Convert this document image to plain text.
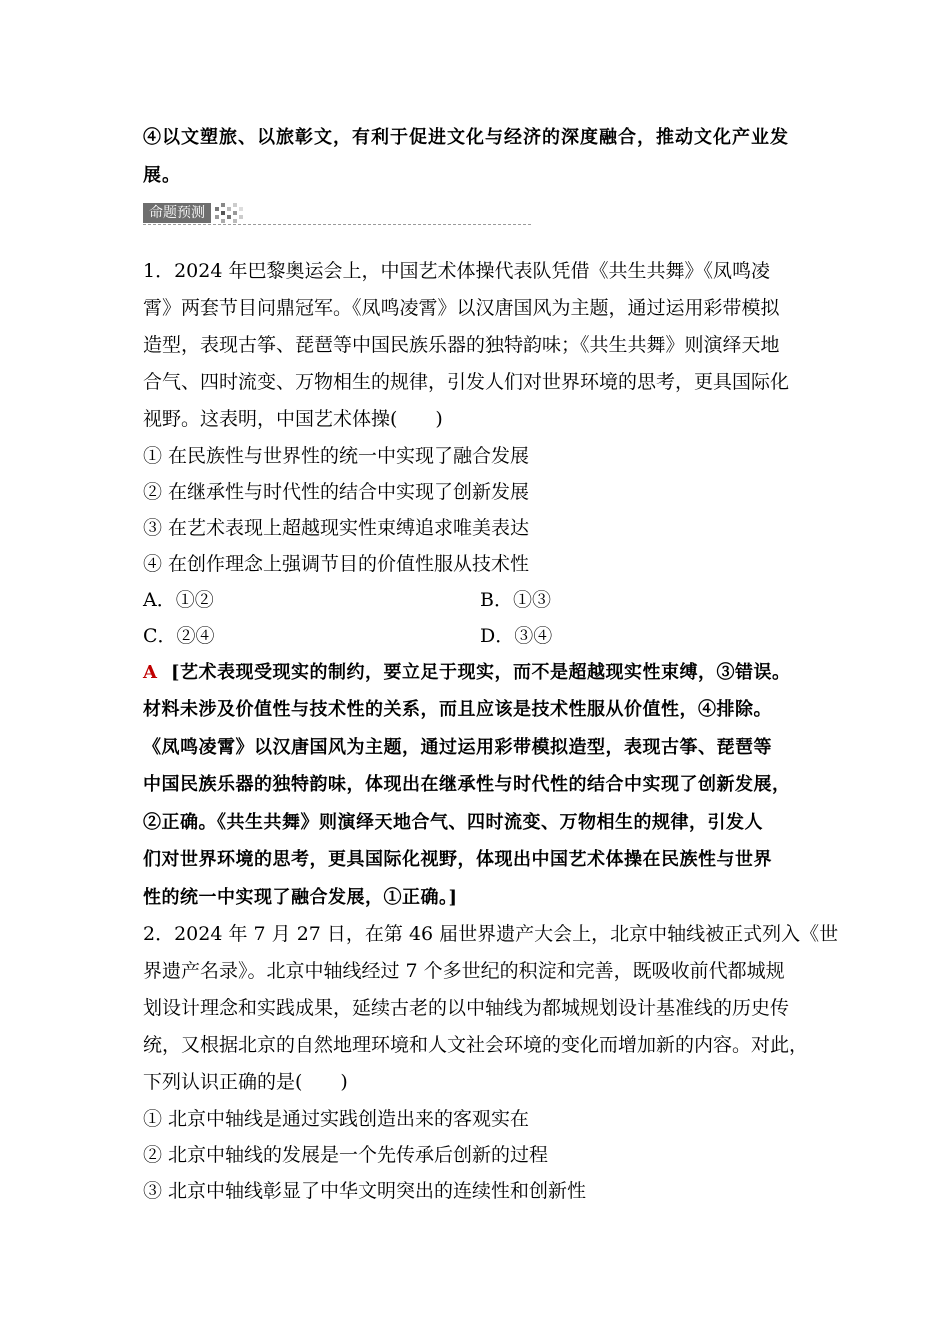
④以文塑旅、以旅彰文，有利于促进文化与经济的深度融合，推动文化产业发
展。
命题预测
1．2024 年巴黎奥运会上，中国艺术体操代表队凭借《共生共舞》《凤鸣凌
霄》两套节目问鼎冠军。《凤鸣凌霄》以汉唐国风为主题，通过运用彩带模拟
造型，表现古筝、琵琶等中国民族乐器的独特韵味；《共生共舞》则演绎天地
合气、四时流变、万物相生的规律，引发人们对世界环境的思考，更具国际化
视野。这表明，中国艺术体操(　　)
① 在民族性与世界性的统一中实现了融合发展
② 在继承性与时代性的结合中实现了创新发展
③ 在艺术表现上超越现实性束缚追求唯美表达
④ 在创作理念上强调节目的价值性服从技术性
A．①②	B．①③
C．②④	D．③④
A [艺术表现受现实的制约，要立足于现实，而不是超越现实性束缚，③错误。
材料未涉及价值性与技术性的关系，而且应该是技术性服从价值性，④排除。
《凤鸣凌霄》以汉唐国风为主题，通过运用彩带模拟造型，表现古筝、琵琶等
中国民族乐器的独特韵味，体现出在继承性与时代性的结合中实现了创新发展，
②正确。《共生共舞》则演绎天地合气、四时流变、万物相生的规律，引发人
们对世界环境的思考，更具国际化视野，体现出中国艺术体操在民族性与世界
性的统一中实现了融合发展，①正确。]
2．2024 年 7 月 27 日，在第 46 届世界遗产大会上，北京中轴线被正式列入《世
界遗产名录》。北京中轴线经过 7 个多世纪的积淀和完善，既吸收前代都城规
划设计理念和实践成果，延续古老的以中轴线为都城规划设计基准线的历史传
统，又根据北京的自然地理环境和人文社会环境的变化而增加新的内容。对此，
下列认识正确的是(　　)
① 北京中轴线是通过实践创造出来的客观实在
② 北京中轴线的发展是一个先传承后创新的过程
③ 北京中轴线彰显了中华文明突出的连续性和创新性
